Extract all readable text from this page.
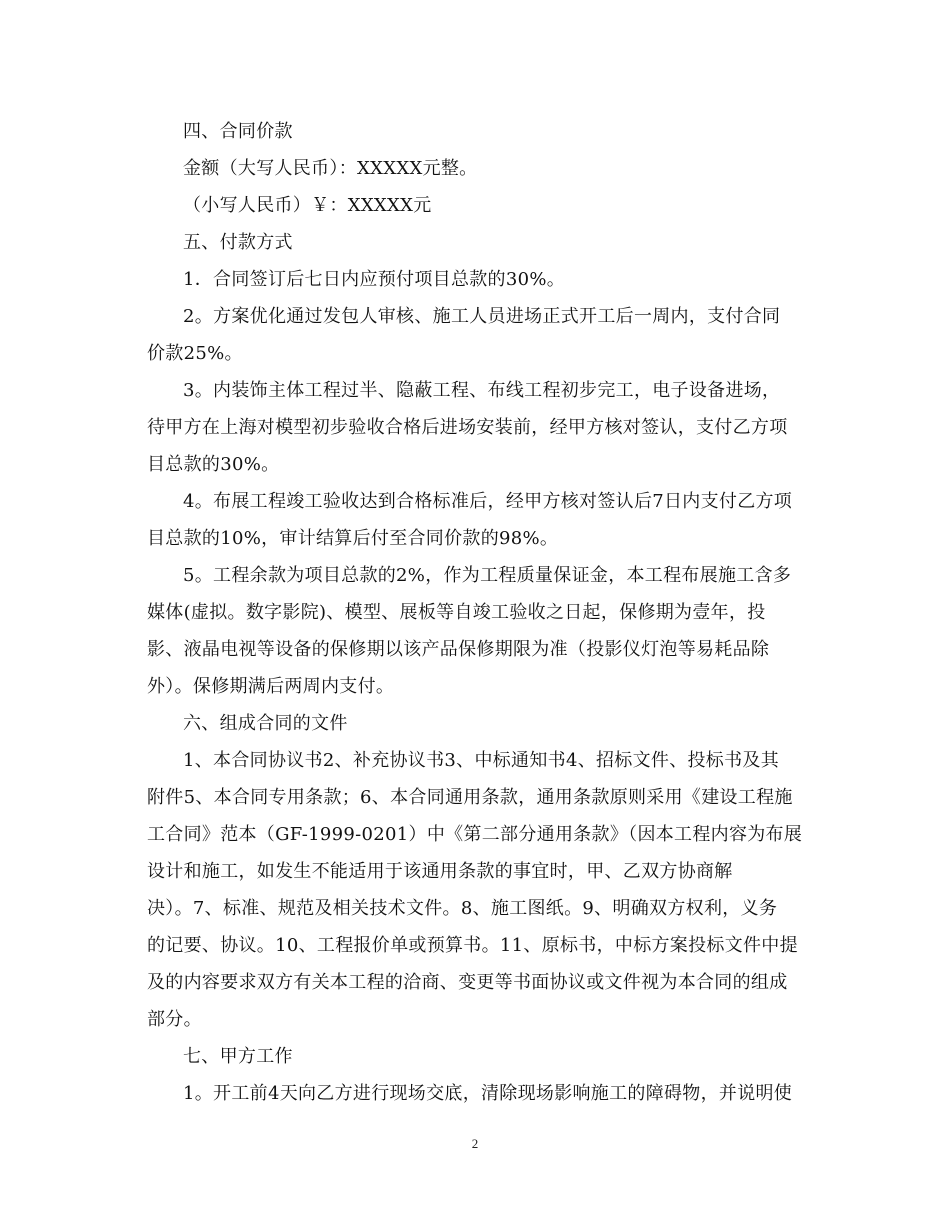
四、合同价款
金额（大写人民币）：XXXXX元整。
（小写人民币）￥：XXXXX元
五、付款方式
1．合同签订后七日内应预付项目总款的30%。
2。方案优化通过发包人审核、施工人员进场正式开工后一周内，支付合同
价款25%。
3。内装饰主体工程过半、隐蔽工程、布线工程初步完工，电子设备进场，
待甲方在上海对模型初步验收合格后进场安装前，经甲方核对签认，支付乙方项
目总款的30%。
4。布展工程竣工验收达到合格标准后，经甲方核对签认后7日内支付乙方项
目总款的10%，审计结算后付至合同价款的98%。
5。工程余款为项目总款的2%，作为工程质量保证金，本工程布展施工含多
媒体(虚拟。数字影院)、模型、展板等自竣工验收之日起，保修期为壹年，投
影、液晶电视等设备的保修期以该产品保修期限为准（投影仪灯泡等易耗品除
外）。保修期满后两周内支付。
六、组成合同的文件
1、本合同协议书2、补充协议书3、中标通知书4、招标文件、投标书及其
附件5、本合同专用条款；6、本合同通用条款，通用条款原则采用《建设工程施
工合同》范本（GF-1999-0201）中《第二部分通用条款》（因本工程内容为布展
设计和施工，如发生不能适用于该通用条款的事宜时，甲、乙双方协商解
决）。7、标准、规范及相关技术文件。8、施工图纸。9、明确双方权利，义务
的记要、协议。10、工程报价单或预算书。11、原标书，中标方案投标文件中提
及的内容要求双方有关本工程的洽商、变更等书面协议或文件视为本合同的组成
部分。
七、甲方工作
1。开工前4天向乙方进行现场交底，清除现场影响施工的障碍物，并说明使
2
